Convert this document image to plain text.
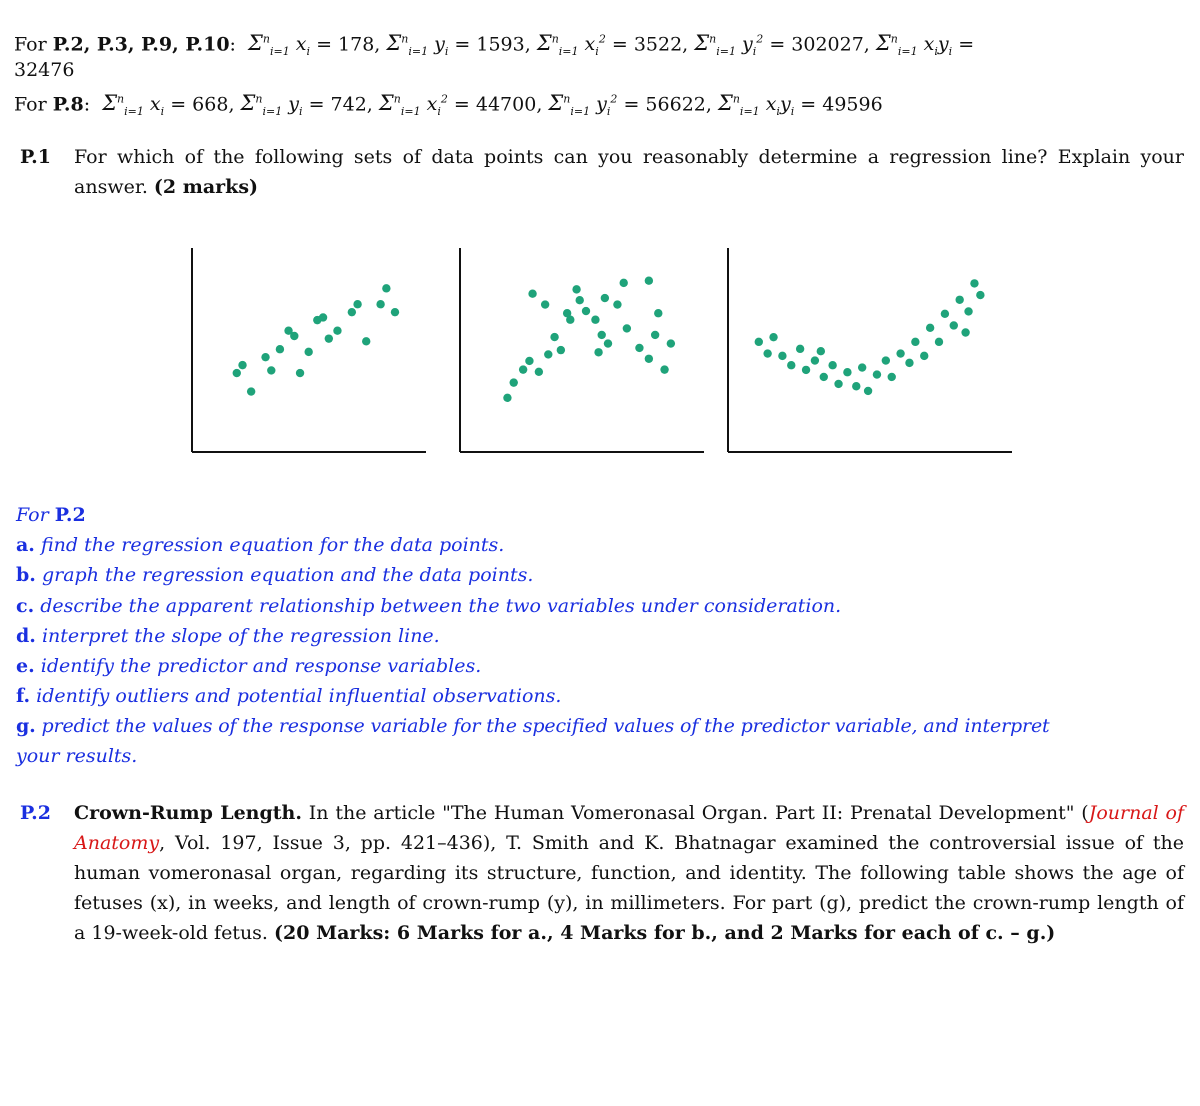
For P.2, P.3, P.9, P.10:  $\Sigma^n_{i=1}$ $x_i = 178$, $\Sigma^n_{i=1}$ $y_i = 1593$, $\Sigma^n_{i=1}$ $x_i^2 = 3522$, $\Sigma^n_{i=1}$ $y_i^2 = 302027$, $\Sigma^n_{i=1}$ $x_iy_i$ =
32476
For P.8:  $\Sigma^n_{i=1}$ $x_i = 668$, $\Sigma^n_{i=1}$ $y_i = 742$, $\Sigma^n_{i=1}$ $x_i^2 = 44700$, $\Sigma^n_{i=1}$ $y_i^2 = 56622$, $\Sigma^n_{i=1}$ $x_iy_i = 49596$
P.1 For which of the following sets of data points can you reasonably determine a regression line? Explain your answer. (2 marks)
For P.2
a. find the regression equation for the data points.
b. graph the regression equation and the data points.
c. describe the apparent relationship between the two variables under consideration.
d. interpret the slope of the regression line.
e. identify the predictor and response variables.
f. identify outliers and potential influential observations.
g. predict the values of the response variable for the specified values of the predictor variable, and interpret
your results.
P.2 Crown-Rump Length. In the article "The Human Vomeronasal Organ. Part II: Prenatal Development" (Journal of Anatomy, Vol. 197, Issue 3, pp. 421–436), T. Smith and K. Bhatnagar examined the controversial issue of the human vomeronasal organ, regarding its structure, function, and identity. The following table shows the age of fetuses (x), in weeks, and length of crown-rump (y), in millimeters. For part (g), predict the crown-rump length of a 19-week-old fetus. (20 Marks: 6 Marks for a., 4 Marks for b., and 2 Marks for each of c. – g.)
